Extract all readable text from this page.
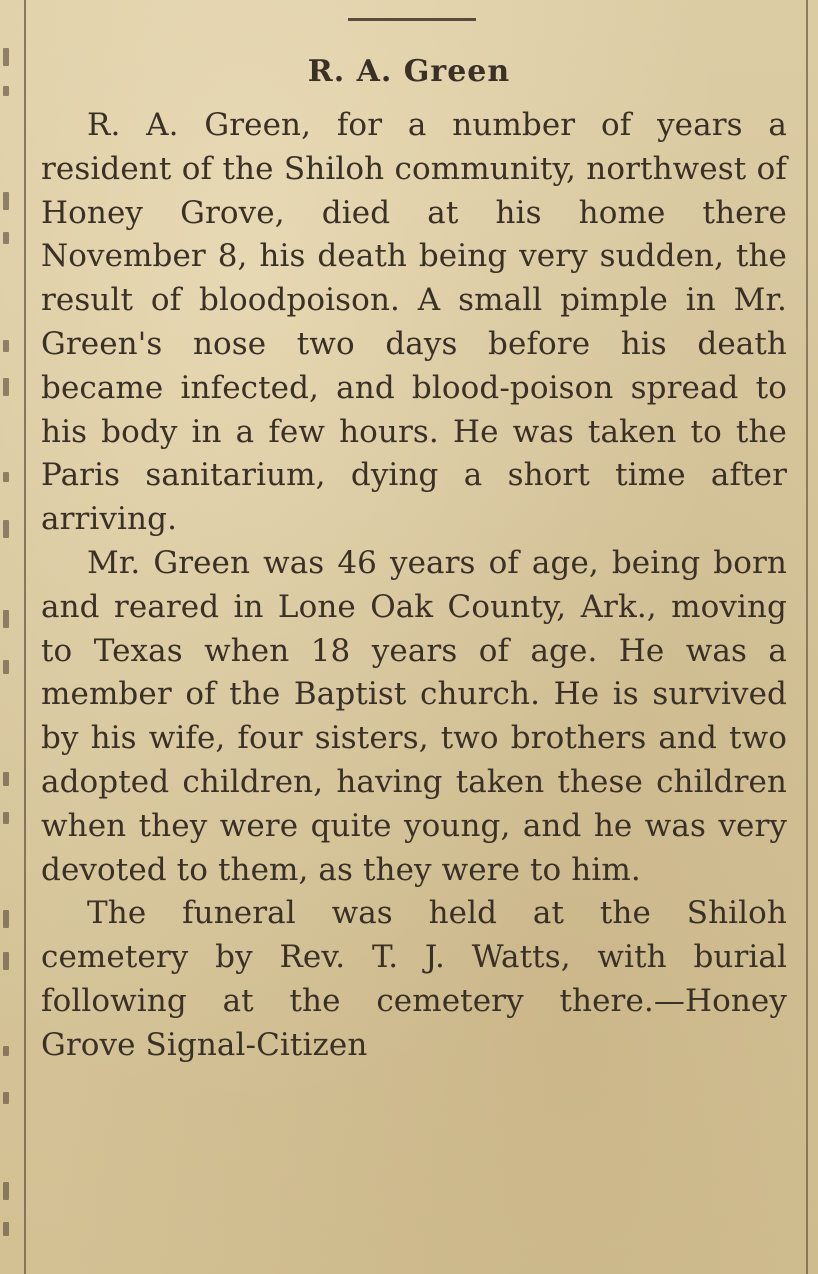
R. A. Green

R. A. Green, for a number of years a resident of the Shiloh community, northwest of Honey Grove, died at his home there November 8, his death being very sudden, the result of bloodpoison. A small pimple in Mr. Green's nose two days before his death became infected, and blood-poison spread to his body in a few hours. He was taken to the Paris sanitarium, dying a short time after arriving.

Mr. Green was 46 years of age, being born and reared in Lone Oak County, Ark., moving to Texas when 18 years of age. He was a member of the Baptist church. He is survived by his wife, four sisters, two brothers and two adopted children, having taken these children when they were quite young, and he was very devoted to them, as they were to him.

The funeral was held at the Shiloh cemetery by Rev. T. J. Watts, with burial following at the cemetery there.—Honey Grove Signal-Citizen
